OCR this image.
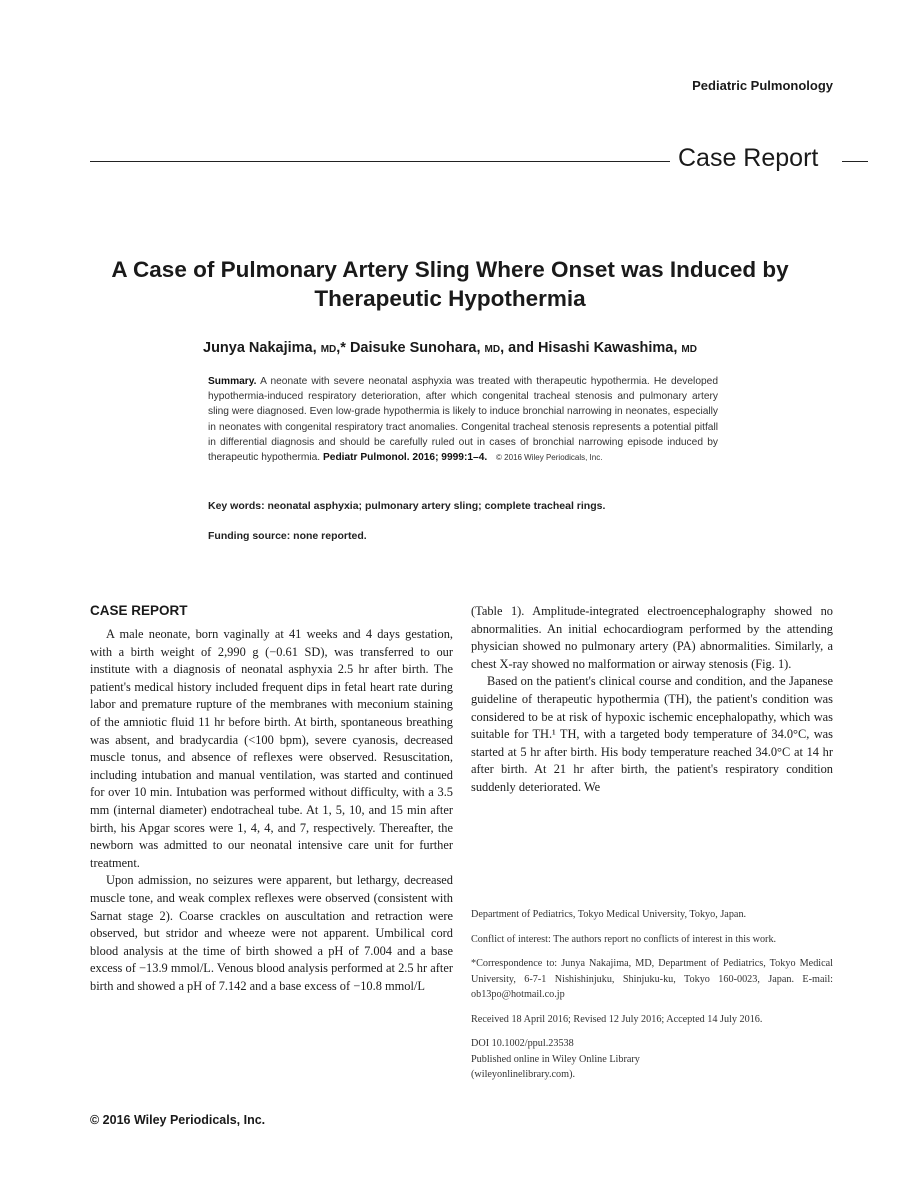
Pediatric Pulmonology
Case Report
A Case of Pulmonary Artery Sling Where Onset was Induced by Therapeutic Hypothermia

Junya Nakajima, MD,* Daisuke Sunohara, MD, and Hisashi Kawashima, MD

Summary. A neonate with severe neonatal asphyxia was treated with therapeutic hypothermia. He developed hypothermia-induced respiratory deterioration, after which congenital tracheal stenosis and pulmonary artery sling were diagnosed. Even low-grade hypothermia is likely to induce bronchial narrowing in neonates, especially in neonates with congenital respiratory tract anomalies. Congenital tracheal stenosis represents a potential pitfall in differential diagnosis and should be carefully ruled out in cases of bronchial narrowing episode induced by therapeutic hypothermia. Pediatr Pulmonol. 2016; 9999:1–4. © 2016 Wiley Periodicals, Inc.

Key words: neonatal asphyxia; pulmonary artery sling; complete tracheal rings.

Funding source: none reported.

CASE REPORT

A male neonate, born vaginally at 41 weeks and 4 days gestation, with a birth weight of 2,990 g (−0.61 SD), was transferred to our institute with a diagnosis of neonatal asphyxia 2.5 hr after birth. The patient's medical history included frequent dips in fetal heart rate during labor and premature rupture of the membranes with meconium staining of the amniotic fluid 11 hr before birth. At birth, spontaneous breathing was absent, and bradycardia (<100 bpm), severe cyanosis, decreased muscle tonus, and absence of reflexes were observed. Resuscitation, including intubation and manual ventilation, was started and continued for over 10 min. Intubation was performed without difficulty, with a 3.5 mm (internal diameter) endotracheal tube. At 1, 5, 10, and 15 min after birth, his Apgar scores were 1, 4, 4, and 7, respectively. Thereafter, the newborn was admitted to our neonatal intensive care unit for further treatment.

Upon admission, no seizures were apparent, but lethargy, decreased muscle tone, and weak complex reflexes were observed (consistent with Sarnat stage 2). Coarse crackles on auscultation and retraction were observed, but stridor and wheeze were not apparent. Umbilical cord blood analysis at the time of birth showed a pH of 7.004 and a base excess of −13.9 mmol/L. Venous blood analysis performed at 2.5 hr after birth and showed a pH of 7.142 and a base excess of −10.8 mmol/L

(Table 1). Amplitude-integrated electroencephalography showed no abnormalities. An initial echocardiogram performed by the attending physician showed no pulmonary artery (PA) abnormalities. Similarly, a chest X-ray showed no malformation or airway stenosis (Fig. 1).

Based on the patient's clinical course and condition, and the Japanese guideline of therapeutic hypothermia (TH), the patient's condition was considered to be at risk of hypoxic ischemic encephalopathy, which was suitable for TH.¹ TH, with a targeted body temperature of 34.0°C, was started at 5 hr after birth. His body temperature reached 34.0°C at 14 hr after birth. At 21 hr after birth, the patient's respiratory condition suddenly deteriorated. We

Department of Pediatrics, Tokyo Medical University, Tokyo, Japan.

Conflict of interest: The authors report no conflicts of interest in this work.

*Correspondence to: Junya Nakajima, MD, Department of Pediatrics, Tokyo Medical University, 6-7-1 Nishishinjuku, Shinjuku-ku, Tokyo 160-0023, Japan. E-mail: ob13po@hotmail.co.jp

Received 18 April 2016; Revised 12 July 2016; Accepted 14 July 2016.

DOI 10.1002/ppul.23538
Published online in Wiley Online Library
(wileyonlinelibrary.com).

© 2016 Wiley Periodicals, Inc.
